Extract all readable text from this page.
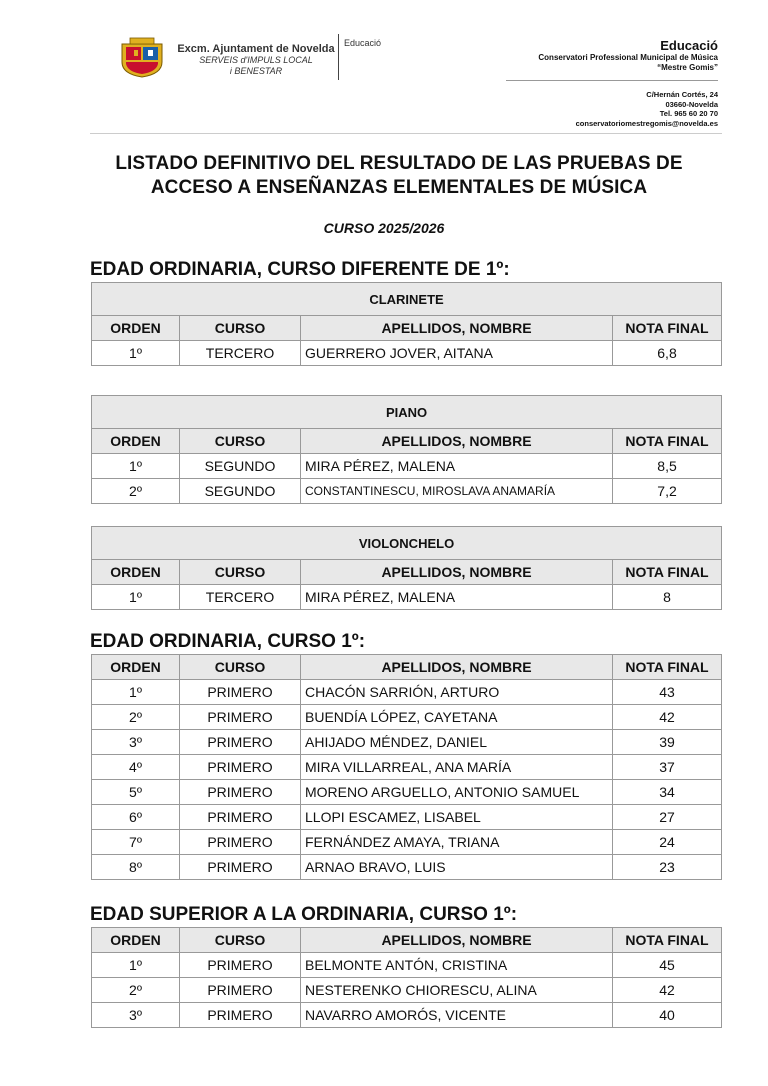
Excm. Ajuntament de Novelda
SERVEIS d'IMPULS LOCAL
i BENESTAR
Educació	Educació
Conservatori Professional Municipal de Música
“Mestre Gomis”
C/Hernán Cortés, 24
03660-Novelda
Tel. 965 60 20 70
conservatoriomestregomis@novelda.es
LISTADO DEFINITIVO DEL RESULTADO DE LAS PRUEBAS DE
ACCESO A ENSEÑANZAS ELEMENTALES DE MÚSICA
CURSO 2025/2026
EDAD ORDINARIA, CURSO DIFERENTE DE 1º:
CLARINETE			
ORDEN	CURSO	APELLIDOS, NOMBRE	NOTA FINAL
1º	TERCERO	GUERRERO JOVER, AITANA	6,8
PIANO			
ORDEN	CURSO	APELLIDOS, NOMBRE	NOTA FINAL
1º	SEGUNDO	MIRA PÉREZ, MALENA	8,5
2º	SEGUNDO	CONSTANTINESCU, MIROSLAVA ANAMARÍA	7,2
VIOLONCHELO			
ORDEN	CURSO	APELLIDOS, NOMBRE	NOTA FINAL
1º	TERCERO	MIRA PÉREZ, MALENA	8
EDAD ORDINARIA, CURSO 1º:
ORDEN	CURSO	APELLIDOS, NOMBRE	NOTA FINAL
1º	PRIMERO	CHACÓN SARRIÓN, ARTURO	43
2º	PRIMERO	BUENDÍA LÓPEZ, CAYETANA	42
3º	PRIMERO	AHIJADO MÉNDEZ, DANIEL	39
4º	PRIMERO	MIRA VILLARREAL, ANA MARÍA	37
5º	PRIMERO	MORENO ARGUELLO, ANTONIO SAMUEL	34
6º	PRIMERO	LLOPI ESCAMEZ, LISABEL	27
7º	PRIMERO	FERNÁNDEZ AMAYA, TRIANA	24
8º	PRIMERO	ARNAO BRAVO, LUIS	23
EDAD SUPERIOR A LA ORDINARIA, CURSO 1º:
ORDEN	CURSO	APELLIDOS, NOMBRE	NOTA FINAL
1º	PRIMERO	BELMONTE ANTÓN, CRISTINA	45
2º	PRIMERO	NESTERENKO CHIORESCU, ALINA	42
3º	PRIMERO	NAVARRO AMORÓS, VICENTE	40
